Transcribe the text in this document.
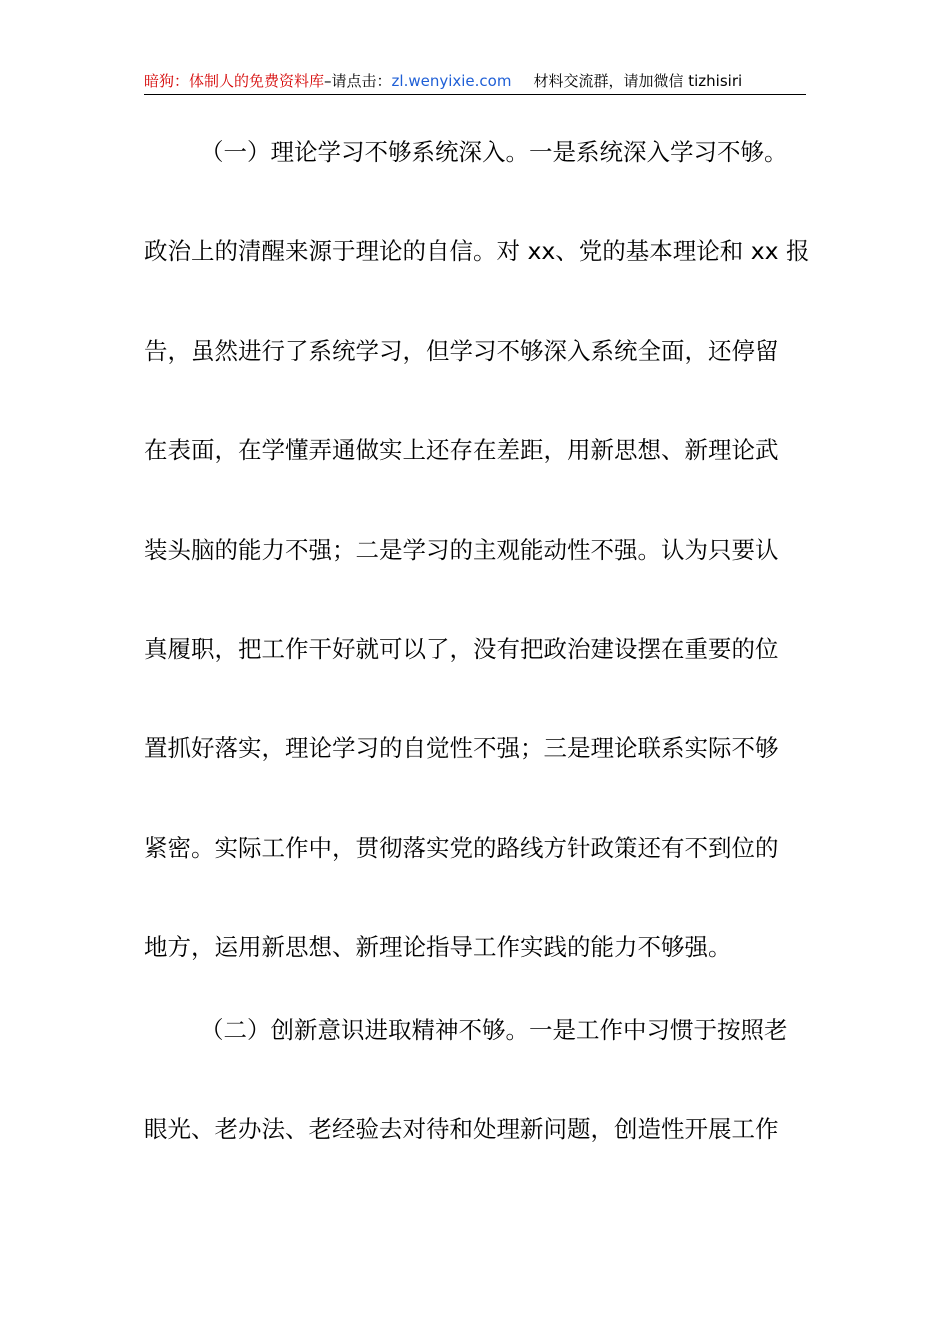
暗狗：体制人的免费资料库–请点击：zl.wenyixie.com 材料交流群，请加微信 tizhisiri
（一）理论学习不够系统深入。一是系统深入学习不够。
政治上的清醒来源于理论的自信。对 xx、党的基本理论和 xx 报
告，虽然进行了系统学习，但学习不够深入系统全面，还停留
在表面，在学懂弄通做实上还存在差距，用新思想、新理论武
装头脑的能力不强；二是学习的主观能动性不强。认为只要认
真履职，把工作干好就可以了，没有把政治建设摆在重要的位
置抓好落实，理论学习的自觉性不强；三是理论联系实际不够
紧密。实际工作中，贯彻落实党的路线方针政策还有不到位的
地方，运用新思想、新理论指导工作实践的能力不够强。
（二）创新意识进取精神不够。一是工作中习惯于按照老
眼光、老办法、老经验去对待和处理新问题，创造性开展工作
